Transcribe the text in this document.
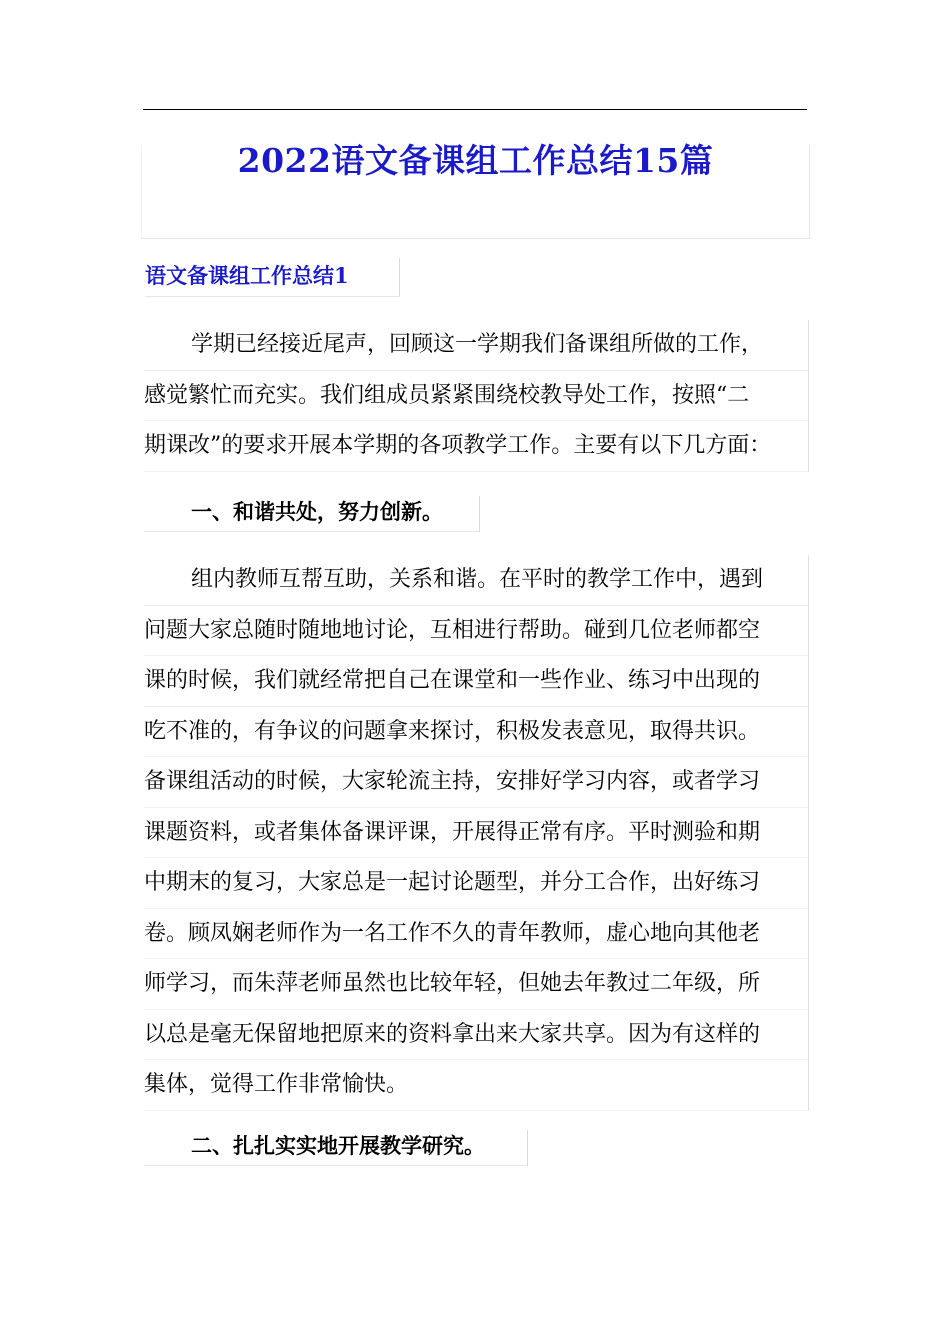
2022语文备课组工作总结15篇
语文备课组工作总结1
学期已经接近尾声，回顾这一学期我们备课组所做的工作，
感觉繁忙而充实。我们组成员紧紧围绕校教导处工作，按照“二
期课改”的要求开展本学期的各项教学工作。主要有以下几方面：
一、和谐共处，努力创新。
组内教师互帮互助，关系和谐。在平时的教学工作中，遇到
问题大家总随时随地地讨论，互相进行帮助。碰到几位老师都空
课的时候，我们就经常把自己在课堂和一些作业、练习中出现的
吃不准的，有争议的问题拿来探讨，积极发表意见，取得共识。
备课组活动的时候，大家轮流主持，安排好学习内容，或者学习
课题资料，或者集体备课评课，开展得正常有序。平时测验和期
中期末的复习，大家总是一起讨论题型，并分工合作，出好练习
卷。顾凤娴老师作为一名工作不久的青年教师，虚心地向其他老
师学习，而朱萍老师虽然也比较年轻，但她去年教过二年级，所
以总是毫无保留地把原来的资料拿出来大家共享。因为有这样的
集体，觉得工作非常愉快。
二、扎扎实实地开展教学研究。
